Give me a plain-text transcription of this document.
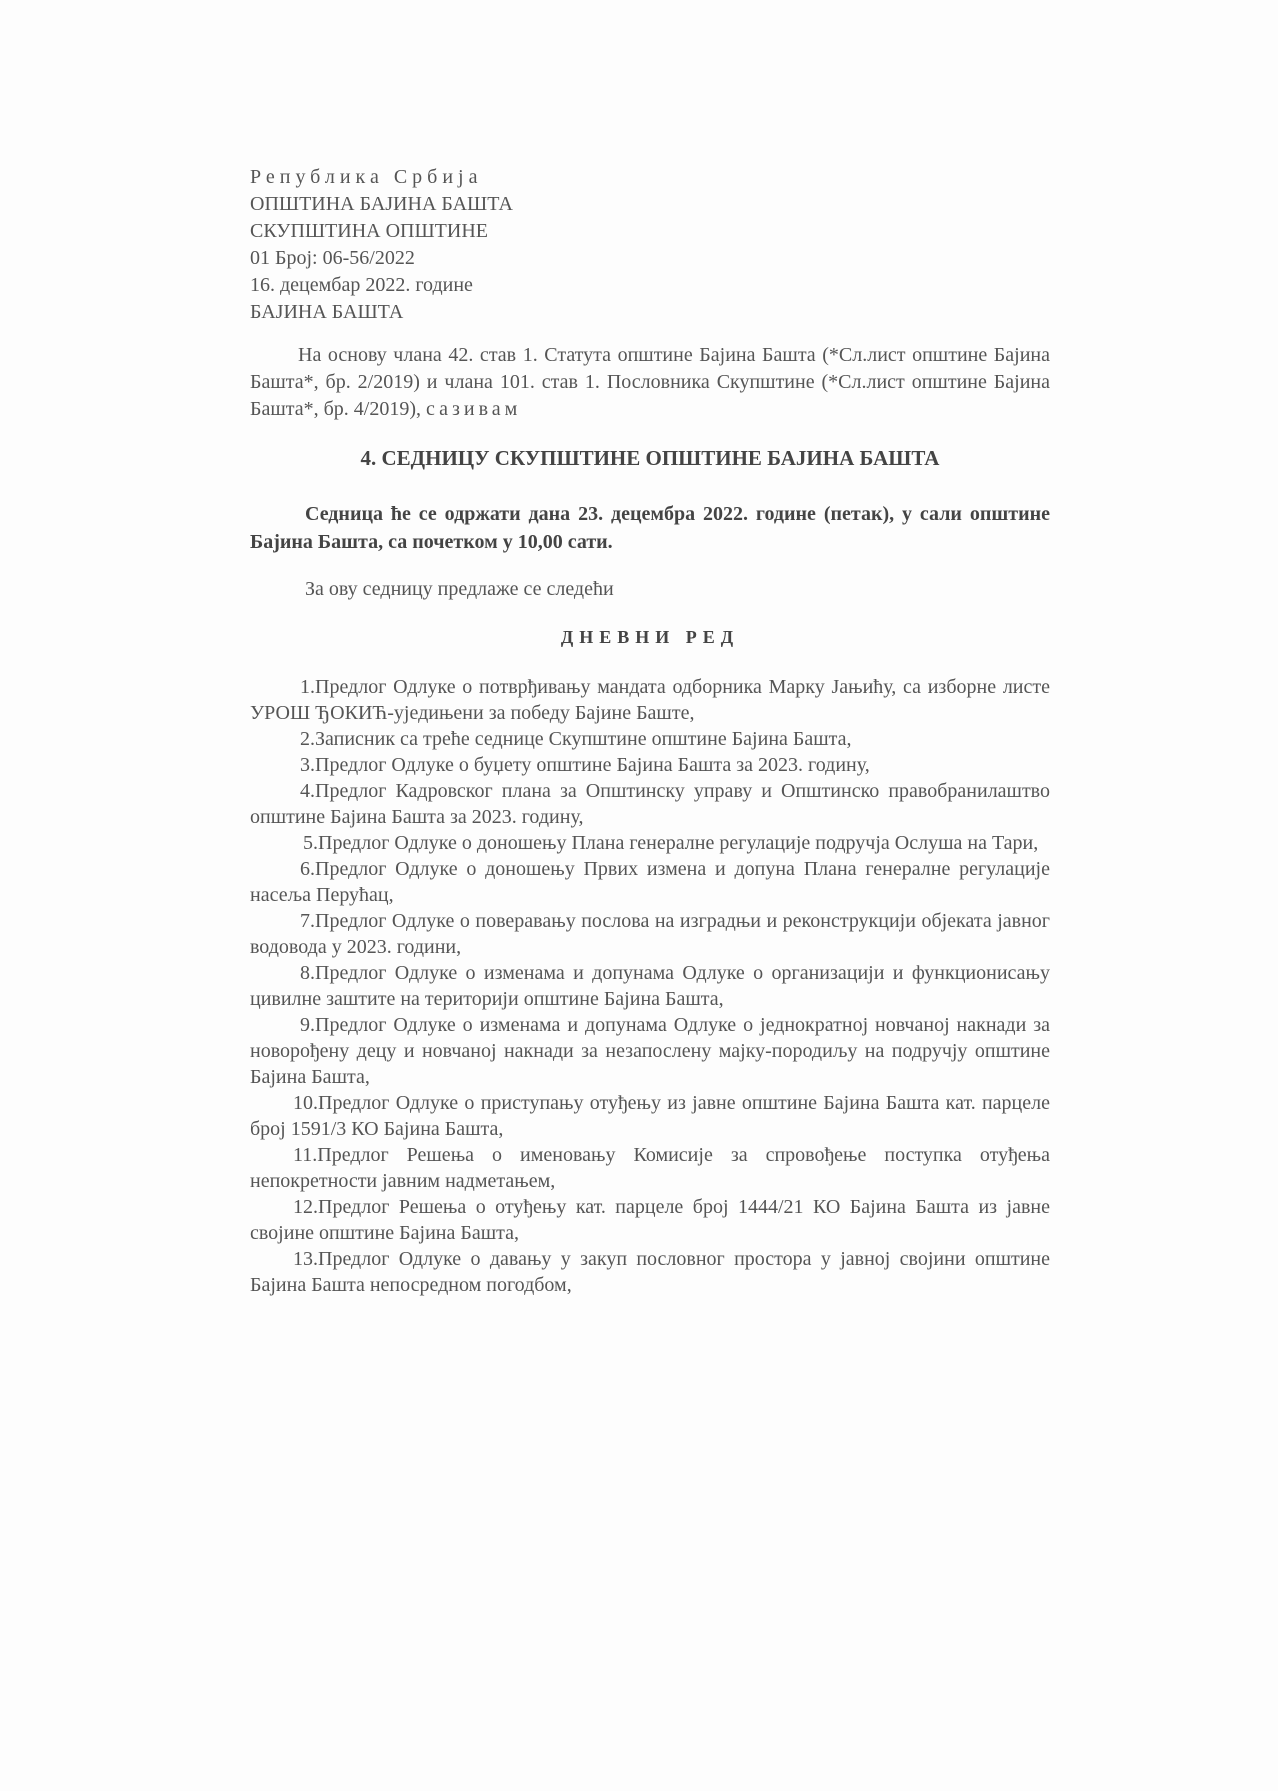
Република Србија
ОПШТИНА БАЈИНА БАШТА
СКУПШТИНА ОПШТИНЕ
01 Број: 06-56/2022
16. децембар 2022. године
БАЈИНА БАШТА
На основу члана 42. став 1. Статута општине Бајина Башта (*Сл.лист општине Бајина Башта*, бр. 2/2019) и члана 101. став 1. Пословника Скупштине (*Сл.лист општине Бајина Башта*, бр. 4/2019), сазивам
4. СЕДНИЦУ СКУПШТИНЕ ОПШТИНЕ БАЈИНА БАШТА
Седница ће се одржати дана 23. децембра 2022. године (петак), у сали општине Бајина Башта, са почетком у 10,00 сати.
За ову седницу предлаже се следећи
ДНЕВНИ РЕД
1.Предлог Одлуке о потврђивању мандата одборника Марку Јањићу, са изборне листе УРОШ ЂОКИЋ-уједињени за победу Бајине Баште,
2.Записник са треће седнице Скупштине општине Бајина Башта,
3.Предлог Одлуке о буџету општине Бајина Башта за 2023. годину,
4.Предлог Кадровског плана за Општинску управу и Општинско правобранилаштво општине Бајина Башта за 2023. годину,
5.Предлог Одлуке о доношењу Плана генералне регулације подручја Ослуша на Тари,
6.Предлог Одлуке о доношењу Првих измена и допуна Плана генералне регулације насеља Перућац,
7.Предлог Одлуке о поверавању послова на изградњи и реконструкцији објеката јавног водовода у 2023. години,
8.Предлог Одлуке о изменама и допунама Одлуке о организацији и функционисању цивилне заштите на територији општине Бајина Башта,
9.Предлог Одлуке о изменама и допунама Одлуке о једнократној новчаној накнади за новорођену децу и новчаној накнади за незапослену мајку-породиљу на подручју општине Бајина Башта,
10.Предлог Одлуке о приступању отуђењу из јавне општине Бајина Башта кат. парцеле број 1591/3 КО Бајина Башта,
11.Предлог Решења о именовању Комисије за спровођење поступка отуђења непокретности јавним надметањем,
12.Предлог Решења о отуђењу кат. парцеле број 1444/21 КО Бајина Башта из јавне својине општине Бајина Башта,
13.Предлог Одлуке о давању у закуп пословног простора у јавној својини општине Бајина Башта непосредном погодбом,
